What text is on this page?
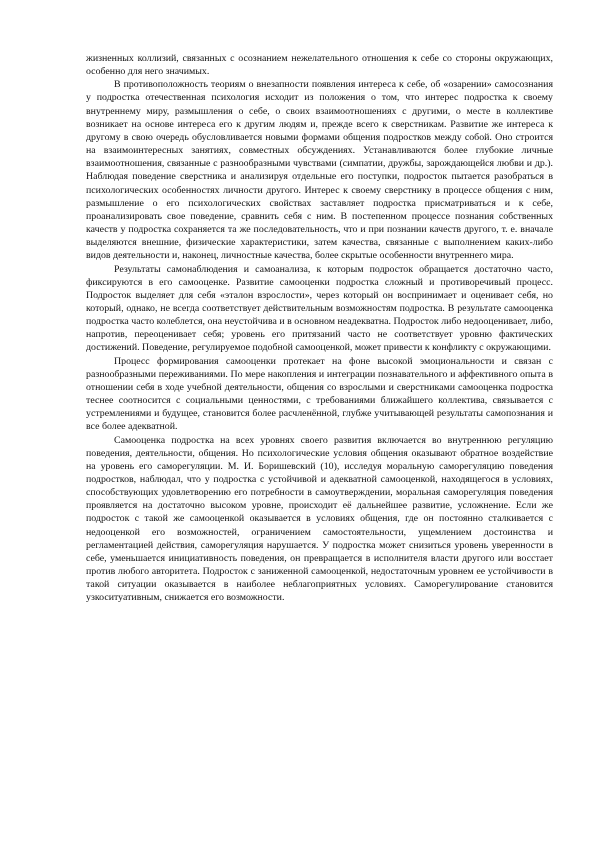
жизненных коллизий, связанных с осознанием нежелательного отношения к себе со стороны окружающих, особенно для него значимых.

В противоположность теориям о внезапности появления интереса к себе, об «озарении» самосознания у подростка отечественная психология исходит из положения о том, что интерес подростка к своему внутреннему миру, размышления о себе, о своих взаимоотношениях с другими, о месте в коллективе возникает на основе интереса его к другим людям и, прежде всего к сверстникам. Развитие же интереса к другому в свою очередь обусловливается новыми формами общения подростков между собой. Оно строится на взаимоинтересных занятиях, совместных обсуждениях. Устанавливаются более глубокие личные взаимоотношения, связанные с разнообразными чувствами (симпатии, дружбы, зарождающейся любви и др.). Наблюдая поведение сверстника и анализируя отдельные его поступки, подросток пытается разобраться в психологических особенностях личности другого. Интерес к своему сверстнику в процессе общения с ним, размышление о его психологических свойствах заставляет подростка присматриваться и к себе, проанализировать свое поведение, сравнить себя с ним. В постепенном процессе познания собственных качеств у подростка сохраняется та же последовательность, что и при познании качеств другого, т. е. вначале выделяются внешние, физические характеристики, затем качества, связанные с выполнением каких-либо видов деятельности и, наконец, личностные качества, более скрытые особенности внутреннего мира.

Результаты самонаблюдения и самоанализа, к которым подросток обращается достаточно часто, фиксируются в его самооценке. Развитие самооценки подростка сложный и противоречивый процесс. Подросток выделяет для себя «эталон взрослости», через который он воспринимает и оценивает себя, но который, однако, не всегда соответствует действительным возможностям подростка. В результате самооценка подростка часто колеблется, она неустойчива и в основном неадекватна. Подросток либо недооценивает, либо, напротив, переоценивает себя; уровень его притязаний часто не соответствует уровню фактических достижений. Поведение, регулируемое подобной самооценкой, может привести к конфликту с окружающими.

Процесс формирования самооценки протекает на фоне высокой эмоциональности и связан с разнообразными переживаниями. По мере накопления и интеграции познавательного и аффективного опыта в отношении себя в ходе учебной деятельности, общения со взрослыми и сверстниками самооценка подростка теснее соотносится с социальными ценностями, с требованиями ближайшего коллектива, связывается с устремлениями и будущее, становится более расчленённой, глубже учитывающей результаты самопознания и все более адекватной.

Самооценка подростка на всех уровнях своего развития включается во внутреннюю регуляцию поведения, деятельности, общения. Но психологические условия общения оказывают обратное воздействие на уровень его саморегуляции. М. И. Боришевский (10), исследуя моральную саморегуляцию поведения подростков, наблюдал, что у подростка с устойчивой и адекватной самооценкой, находящегося в условиях, способствующих удовлетворению его потребности в самоутверждении, моральная саморегуляция поведения проявляется на достаточно высоком уровне, происходит её дальнейшее развитие, усложнение. Если же подросток с такой же самооценкой оказывается в условиях общения, где он постоянно сталкивается с недооценкой его возможностей, ограничением самостоятельности, ущемлением достоинства и регламентацией действия, саморегуляция нарушается. У подростка может снизиться уровень уверенности в себе, уменьшается инициативность поведения, он превращается в исполнителя власти другого или восстает против любого авторитета. Подросток с заниженной самооценкой, недостаточным уровнем ее устойчивости в такой ситуации оказывается в наиболее неблагоприятных условиях. Саморегулирование становится узкоситуативным, снижается его возможности.
